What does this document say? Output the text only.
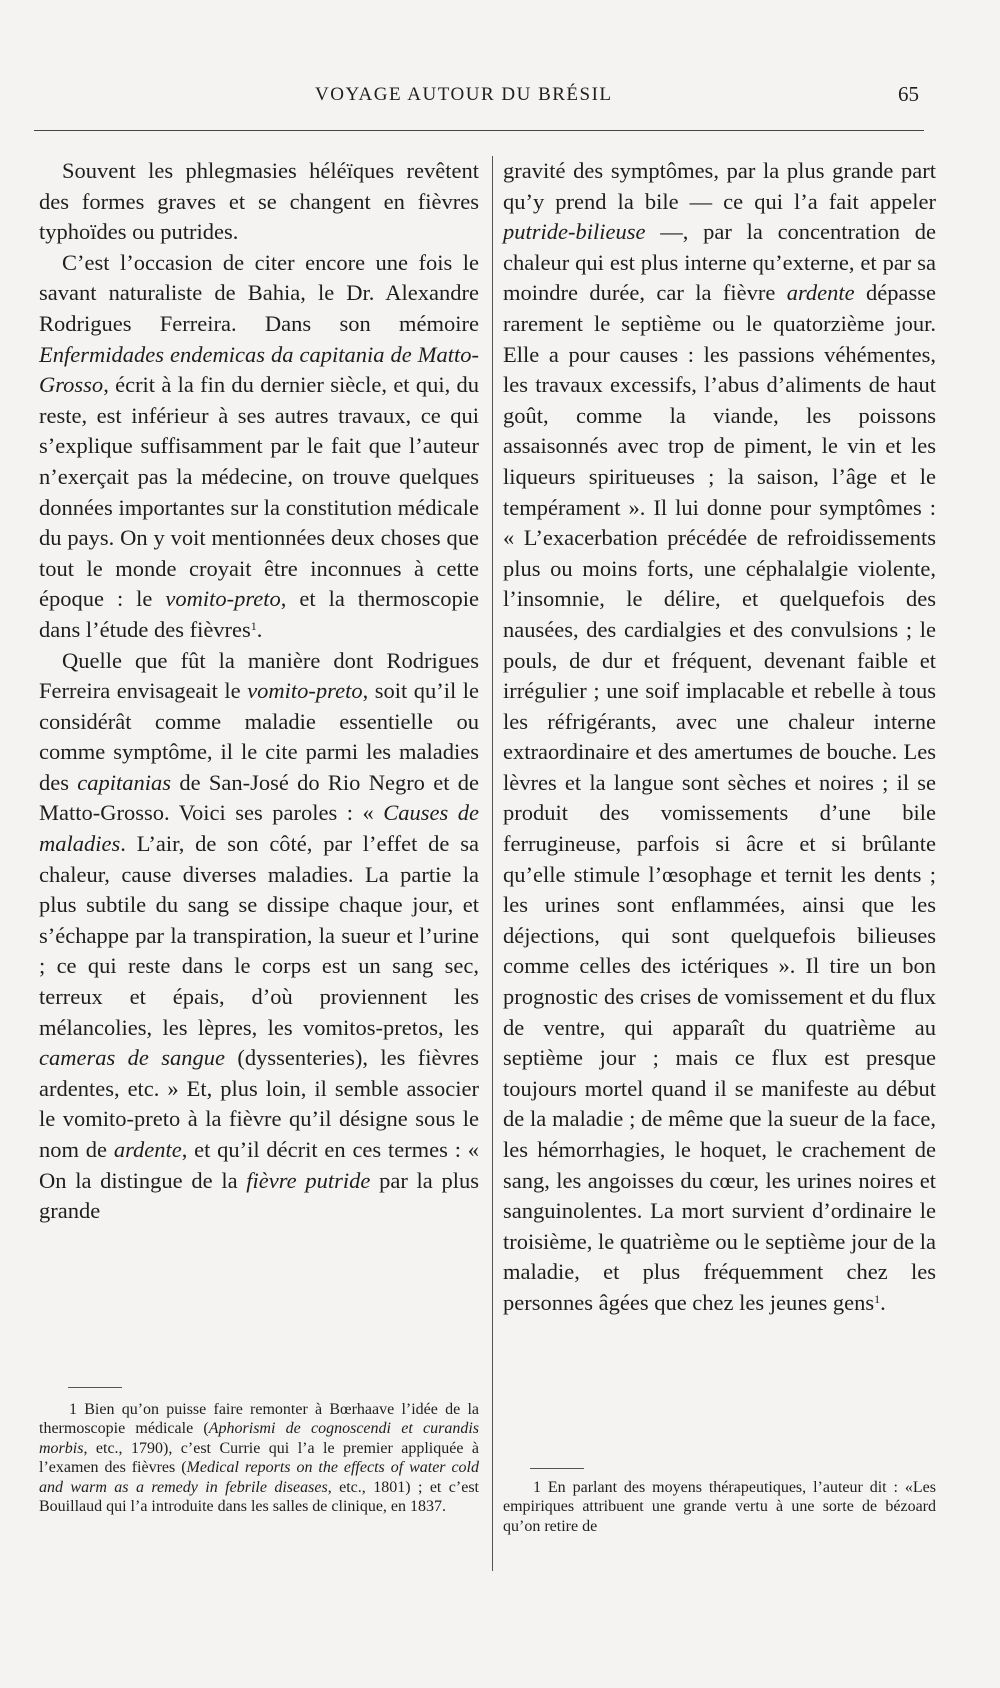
VOYAGE AUTOUR DU BRÉSIL	65

Souvent les phlegmasies héléïques revêtent des formes graves et se changent en fièvres typhoïdes ou putrides.

C’est l’occasion de citer encore une fois le savant naturaliste de Bahia, le Dr. Alexandre Rodrigues Ferreira. Dans son mémoire Enfermidades endemicas da capitania de Matto-Grosso, écrit à la fin du dernier siècle, et qui, du reste, est inférieur à ses autres travaux, ce qui s’explique suffisamment par le fait que l’auteur n’exerçait pas la médecine, on trouve quelques données importantes sur la constitution médicale du pays. On y voit mentionnées deux choses que tout le monde croyait être inconnues à cette époque : le vomito-preto, et la thermoscopie dans l’étude des fièvres$^1$.

Quelle que fût la manière dont Rodrigues Ferreira envisageait le vomito-preto, soit qu’il le considérât comme maladie essentielle ou comme symptôme, il le cite parmi les maladies des capitanias de San-José do Rio Negro et de Matto-Grosso. Voici ses paroles : « Causes de maladies. L’air, de son côté, par l’effet de sa chaleur, cause diverses maladies. La partie la plus subtile du sang se dissipe chaque jour, et s’échappe par la transpiration, la sueur et l’urine ; ce qui reste dans le corps est un sang sec, terreux et épais, d’où proviennent les mélancolies, les lèpres, les vomitos-pretos, les cameras de sangue (dyssenteries), les fièvres ardentes, etc. » Et, plus loin, il semble associer le vomito-preto à la fièvre qu’il désigne sous le nom de ardente, et qu’il décrit en ces termes : « On la distingue de la fièvre putride par la plus grande

gravité des symptômes, par la plus grande part qu’y prend la bile — ce qui l’a fait appeler putride-bilieuse —, par la concentration de chaleur qui est plus interne qu’externe, et par sa moindre durée, car la fièvre ardente dépasse rarement le septième ou le quatorzième jour. Elle a pour causes : les passions véhémentes, les travaux excessifs, l’abus d’aliments de haut goût, comme la viande, les poissons assaisonnés avec trop de piment, le vin et les liqueurs spiritueuses ; la saison, l’âge et le tempérament ». Il lui donne pour symptômes : « L’exacerbation précédée de refroidissements plus ou moins forts, une céphalalgie violente, l’insomnie, le délire, et quelquefois des nausées, des cardialgies et des convulsions ; le pouls, de dur et fréquent, devenant faible et irrégulier ; une soif implacable et rebelle à tous les réfrigérants, avec une chaleur interne extraordinaire et des amertumes de bouche. Les lèvres et la langue sont sèches et noires ; il se produit des vomissements d’une bile ferrugineuse, parfois si âcre et si brûlante qu’elle stimule l’œsophage et ternit les dents ; les urines sont enflammées, ainsi que les déjections, qui sont quelquefois bilieuses comme celles des ictériques ». Il tire un bon prognostic des crises de vomissement et du flux de ventre, qui apparaît du quatrième au septième jour ; mais ce flux est presque toujours mortel quand il se manifeste au début de la maladie ; de même que la sueur de la face, les hémorrhagies, le hoquet, le crachement de sang, les angoisses du cœur, les urines noires et sanguinolentes. La mort survient d’ordinaire le troisième, le quatrième ou le septième jour de la maladie, et plus fréquemment chez les personnes âgées que chez les jeunes gens$^1$.

1 Bien qu’on puisse faire remonter à Bœrhaave l’idée de la thermoscopie médicale (Aphorismi de cognoscendi et curandis morbis, etc., 1790), c’est Currie qui l’a le premier appliquée à l’examen des fièvres (Medical reports on the effects of water cold and warm as a remedy in febrile diseases, etc., 1801) ; et c’est Bouillaud qui l’a introduite dans les salles de clinique, en 1837.

1 En parlant des moyens thérapeutiques, l’auteur dit : «Les empiriques attribuent une grande vertu à une sorte de bézoard qu’on retire de
